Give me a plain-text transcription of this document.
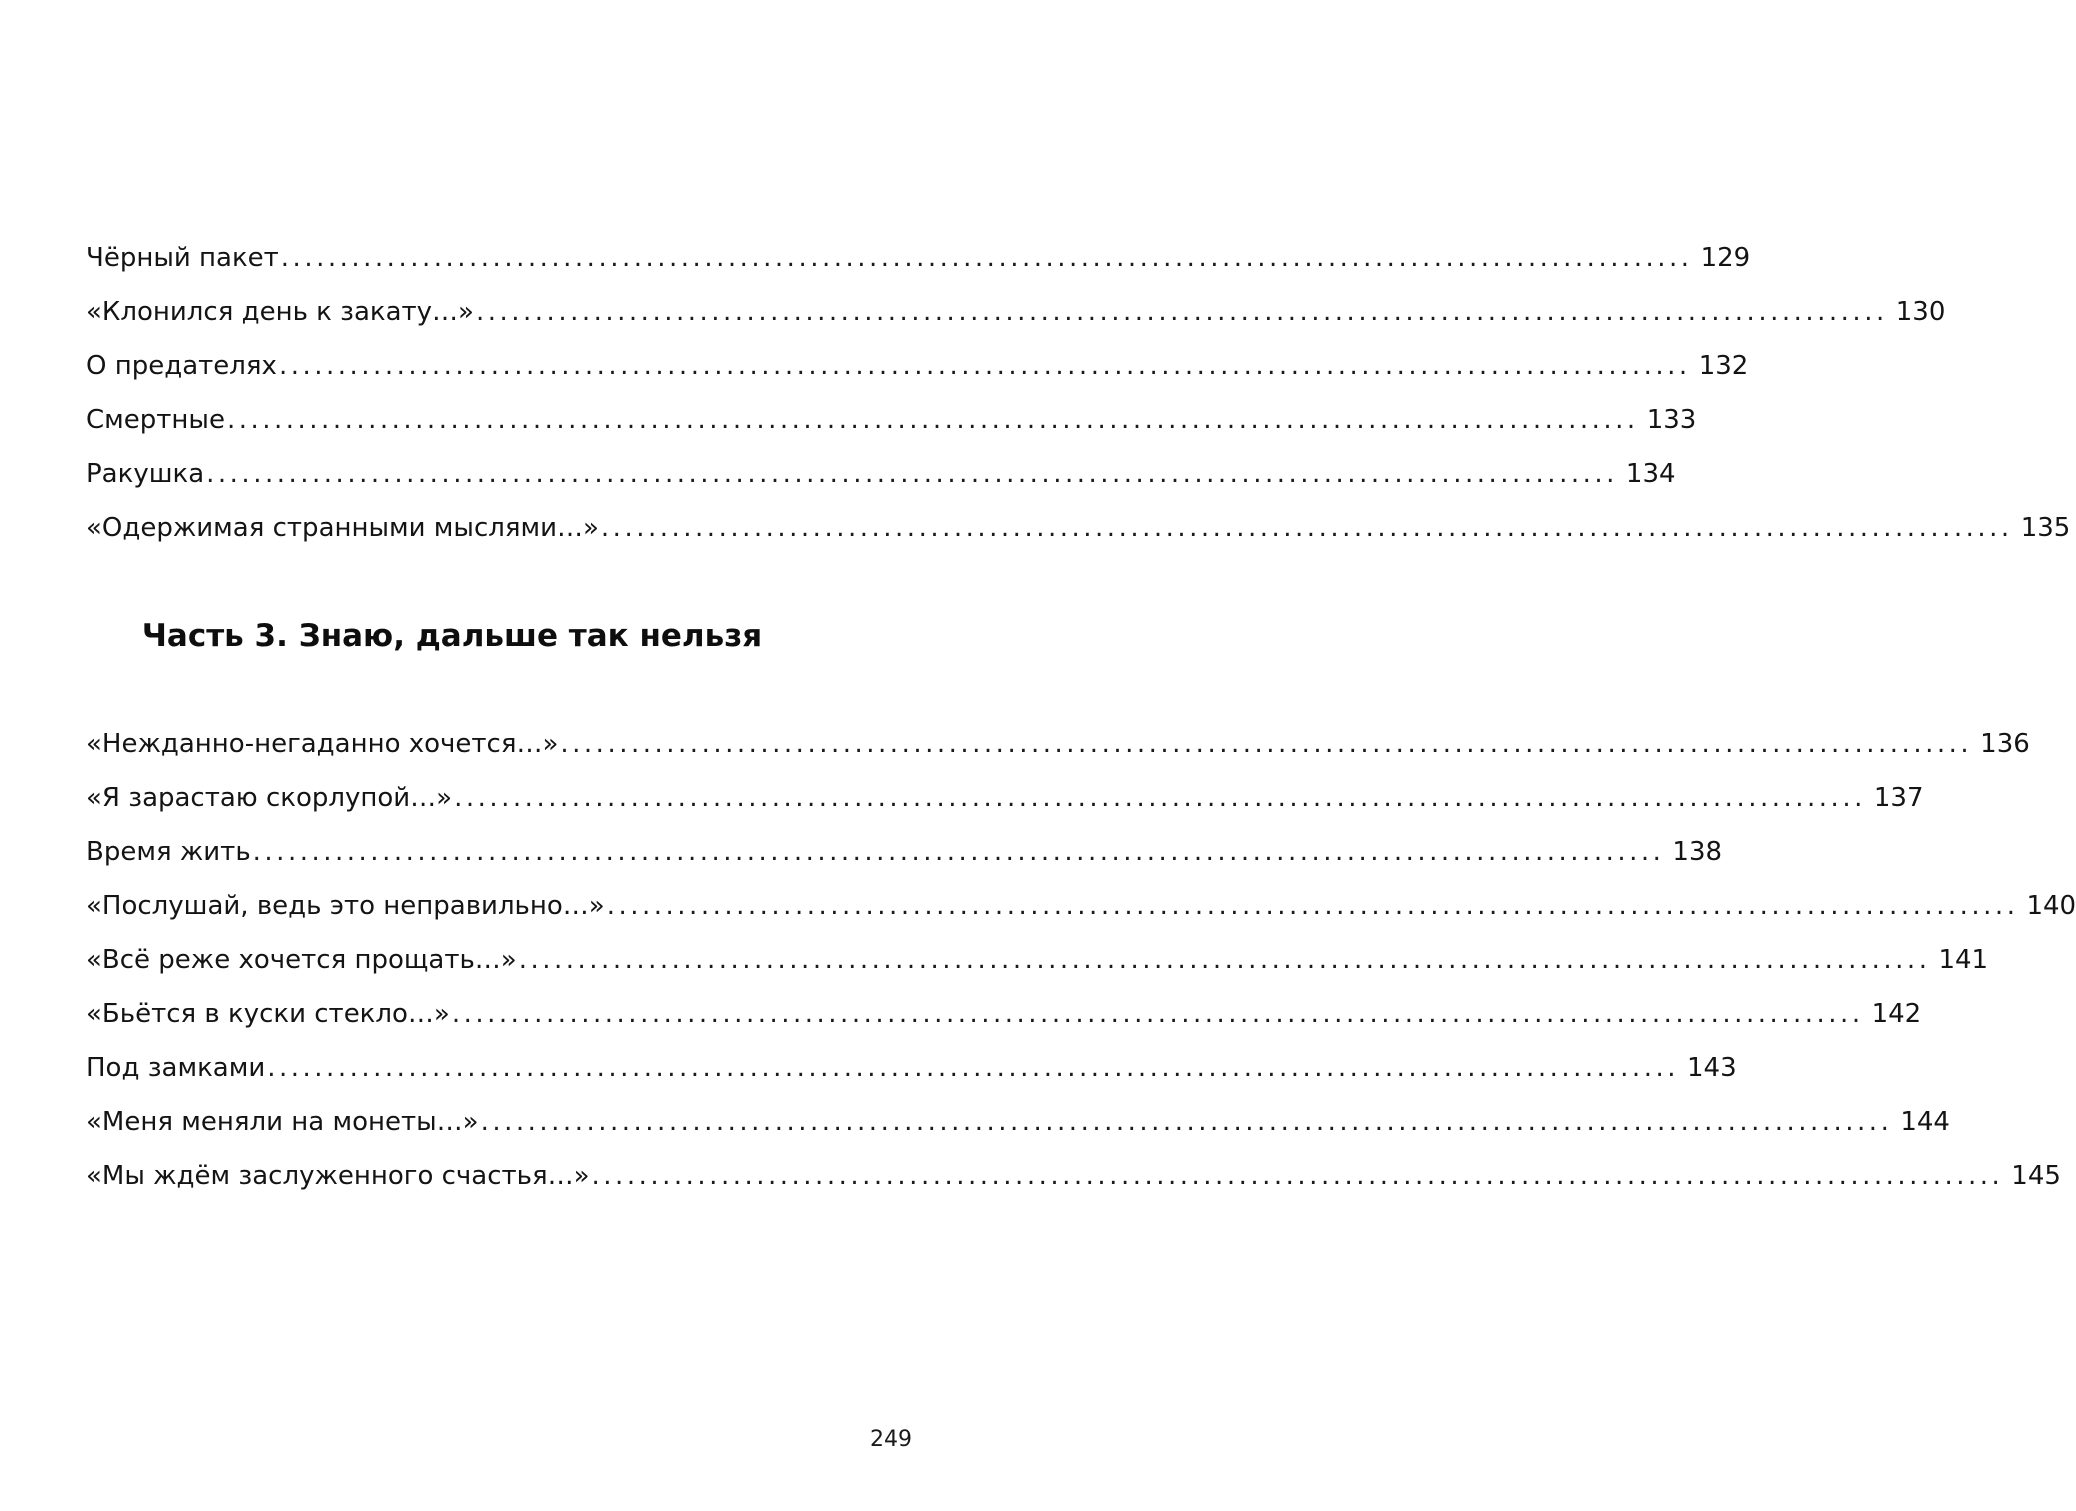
Чёрный пакет ........................................................................................................................ 129
«Клонился день к закату…» ........................................................................................................................ 130
О предателях ........................................................................................................................ 132
Смертные ........................................................................................................................ 133
Ракушка ........................................................................................................................ 134
«Одержимая странными мыслями…» ........................................................................................................................ 135
Часть 3. Знаю, дальше так нельзя
«Нежданно-негаданно хочется…» ........................................................................................................................ 136
«Я зарастаю скорлупой…» ........................................................................................................................ 137
Время жить ........................................................................................................................ 138
«Послушай, ведь это неправильно…» ........................................................................................................................ 140
«Всё реже хочется прощать…» ........................................................................................................................ 141
«Бьётся в куски стекло…» ........................................................................................................................ 142
Под замками ........................................................................................................................ 143
«Меня меняли на монеты…» ........................................................................................................................ 144
«Мы ждём заслуженного счастья…» ........................................................................................................................ 145
249
